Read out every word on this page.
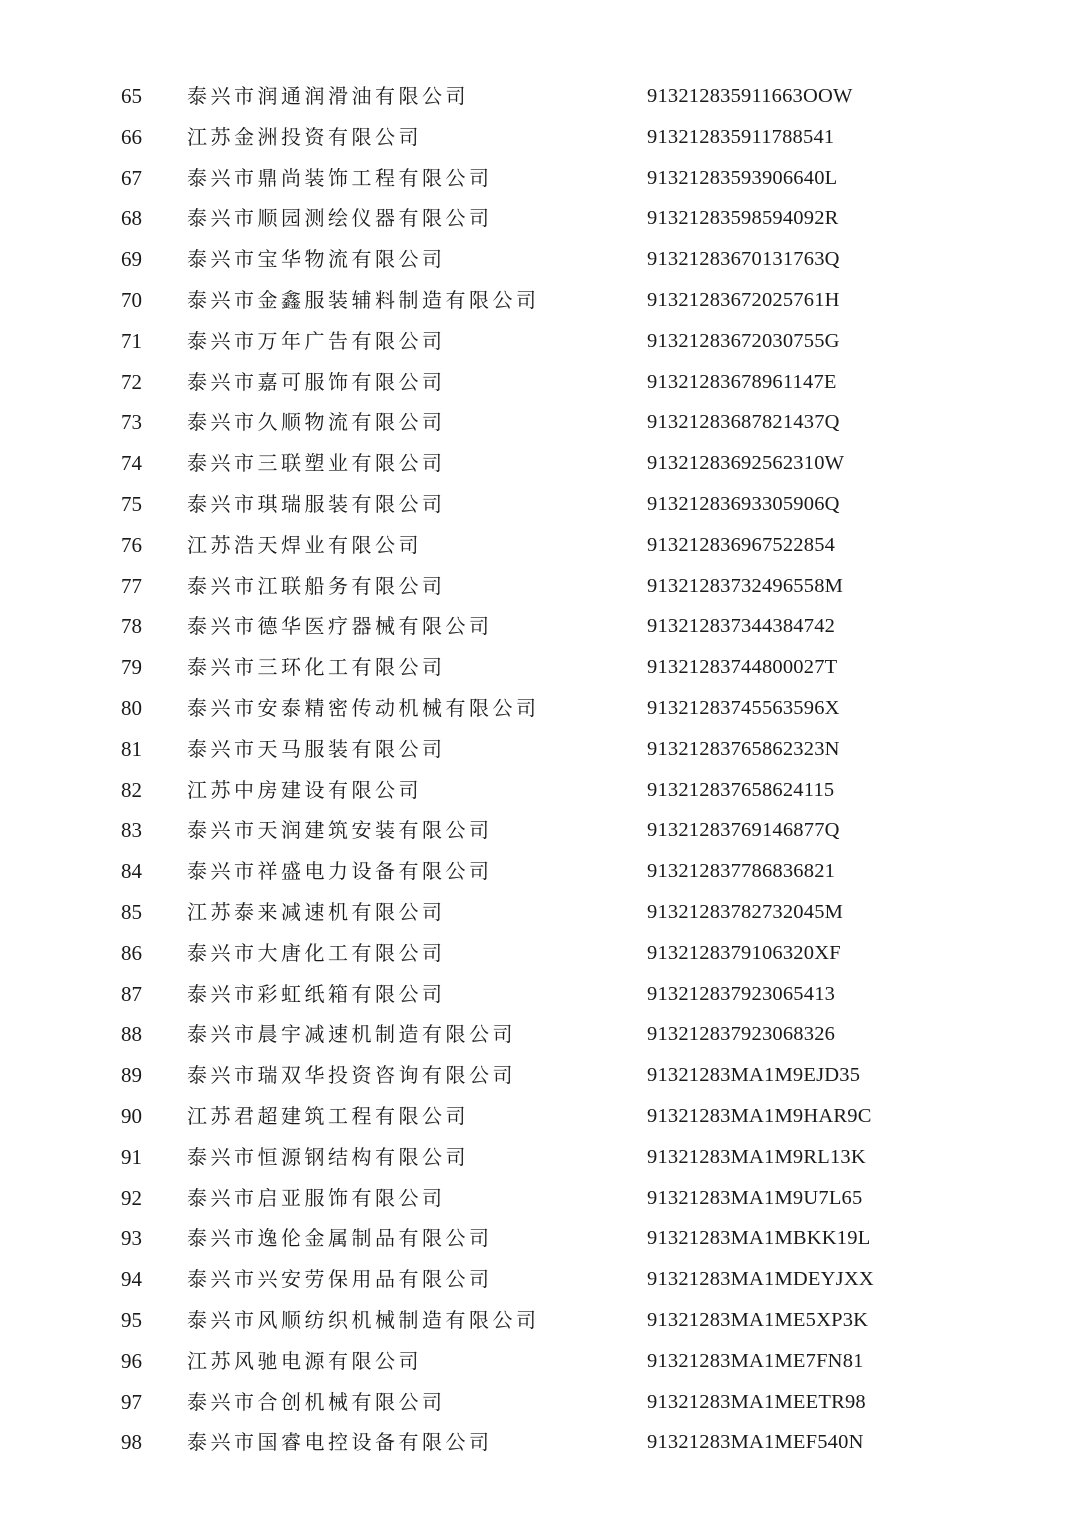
65	泰兴市润通润滑油有限公司	913212835911663OOW
66	江苏金洲投资有限公司	913212835911788541
67	泰兴市鼎尚装饰工程有限公司	91321283593906640L
68	泰兴市顺园测绘仪器有限公司	91321283598594092R
69	泰兴市宝华物流有限公司	91321283670131763Q
70	泰兴市金鑫服装辅料制造有限公司	91321283672025761H
71	泰兴市万年广告有限公司	91321283672030755G
72	泰兴市嘉可服饰有限公司	91321283678961147E
73	泰兴市久顺物流有限公司	91321283687821437Q
74	泰兴市三联塑业有限公司	91321283692562310W
75	泰兴市琪瑞服装有限公司	91321283693305906Q
76	江苏浩天焊业有限公司	913212836967522854
77	泰兴市江联船务有限公司	91321283732496558M
78	泰兴市德华医疗器械有限公司	913212837344384742
79	泰兴市三环化工有限公司	91321283744800027T
80	泰兴市安泰精密传动机械有限公司	91321283745563596X
81	泰兴市天马服装有限公司	91321283765862323N
82	江苏中房建设有限公司	913212837658624115
83	泰兴市天润建筑安装有限公司	91321283769146877Q
84	泰兴市祥盛电力设备有限公司	913212837786836821
85	江苏泰来减速机有限公司	91321283782732045M
86	泰兴市大唐化工有限公司	9132128379106320XF
87	泰兴市彩虹纸箱有限公司	913212837923065413
88	泰兴市晨宇减速机制造有限公司	913212837923068326
89	泰兴市瑞双华投资咨询有限公司	91321283MA1M9EJD35
90	江苏君超建筑工程有限公司	91321283MA1M9HAR9C
91	泰兴市恒源钢结构有限公司	91321283MA1M9RL13K
92	泰兴市启亚服饰有限公司	91321283MA1M9U7L65
93	泰兴市逸伦金属制品有限公司	91321283MA1MBKK19L
94	泰兴市兴安劳保用品有限公司	91321283MA1MDEYJXX
95	泰兴市风顺纺织机械制造有限公司	91321283MA1ME5XP3K
96	江苏风驰电源有限公司	91321283MA1ME7FN81
97	泰兴市合创机械有限公司	91321283MA1MEETR98
98	泰兴市国睿电控设备有限公司	91321283MA1MEF540N
